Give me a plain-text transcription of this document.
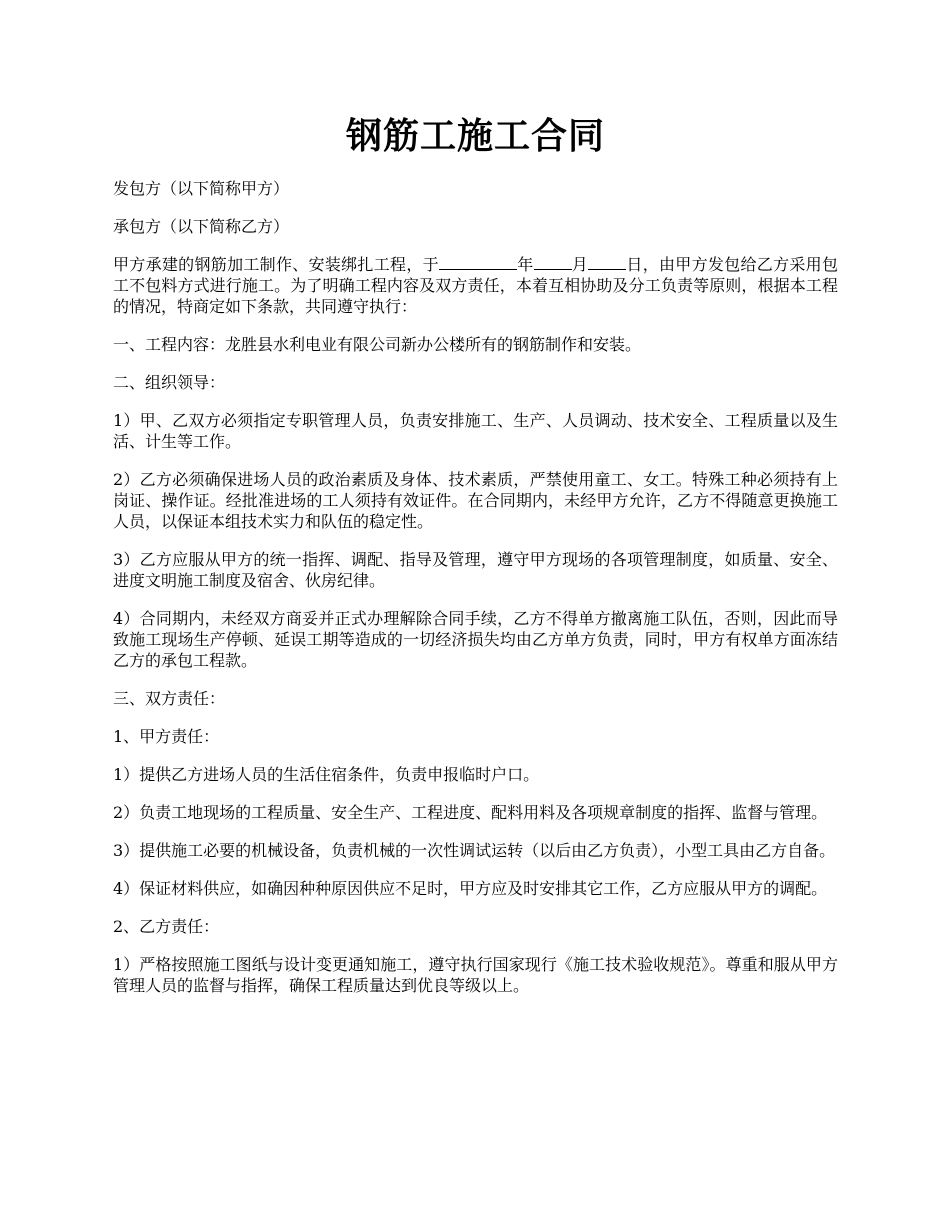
钢筋工施工合同

发包方（以下简称甲方）

承包方（以下简称乙方）

甲方承建的钢筋加工制作、安装绑扎工程，于	年 月 日，由甲方发包给乙方采用包工不包料方式进行施工。为了明确工程内容及双方责任，本着互相协助及分工负责等原则，根据本工程的情况，特商定如下条款，共同遵守执行：

一、工程内容：龙胜县水利电业有限公司新办公楼所有的钢筋制作和安装。

二、组织领导：

1）甲、乙双方必须指定专职管理人员，负责安排施工、生产、人员调动、技术安全、工程质量以及生活、计生等工作。

2）乙方必须确保进场人员的政治素质及身体、技术素质，严禁使用童工、女工。特殊工种必须持有上岗证、操作证。经批准进场的工人须持有效证件。在合同期内，未经甲方允许，乙方不得随意更换施工人员，以保证本组技术实力和队伍的稳定性。

3）乙方应服从甲方的统一指挥、调配、指导及管理，遵守甲方现场的各项管理制度，如质量、安全、进度文明施工制度及宿舍、伙房纪律。

4）合同期内，未经双方商妥并正式办理解除合同手续，乙方不得单方撤离施工队伍，否则，因此而导致施工现场生产停顿、延误工期等造成的一切经济损失均由乙方单方负责，同时，甲方有权单方面冻结乙方的承包工程款。

三、双方责任：

1、甲方责任：

1）提供乙方进场人员的生活住宿条件，负责申报临时户口。

2）负责工地现场的工程质量、安全生产、工程进度、配料用料及各项规章制度的指挥、监督与管理。

3）提供施工必要的机械设备，负责机械的一次性调试运转（以后由乙方负责），小型工具由乙方自备。

4）保证材料供应，如确因种种原因供应不足时，甲方应及时安排其它工作，乙方应服从甲方的调配。

2、乙方责任：

1）严格按照施工图纸与设计变更通知施工，遵守执行国家现行《施工技术验收规范》。尊重和服从甲方管理人员的监督与指挥，确保工程质量达到优良等级以上。
